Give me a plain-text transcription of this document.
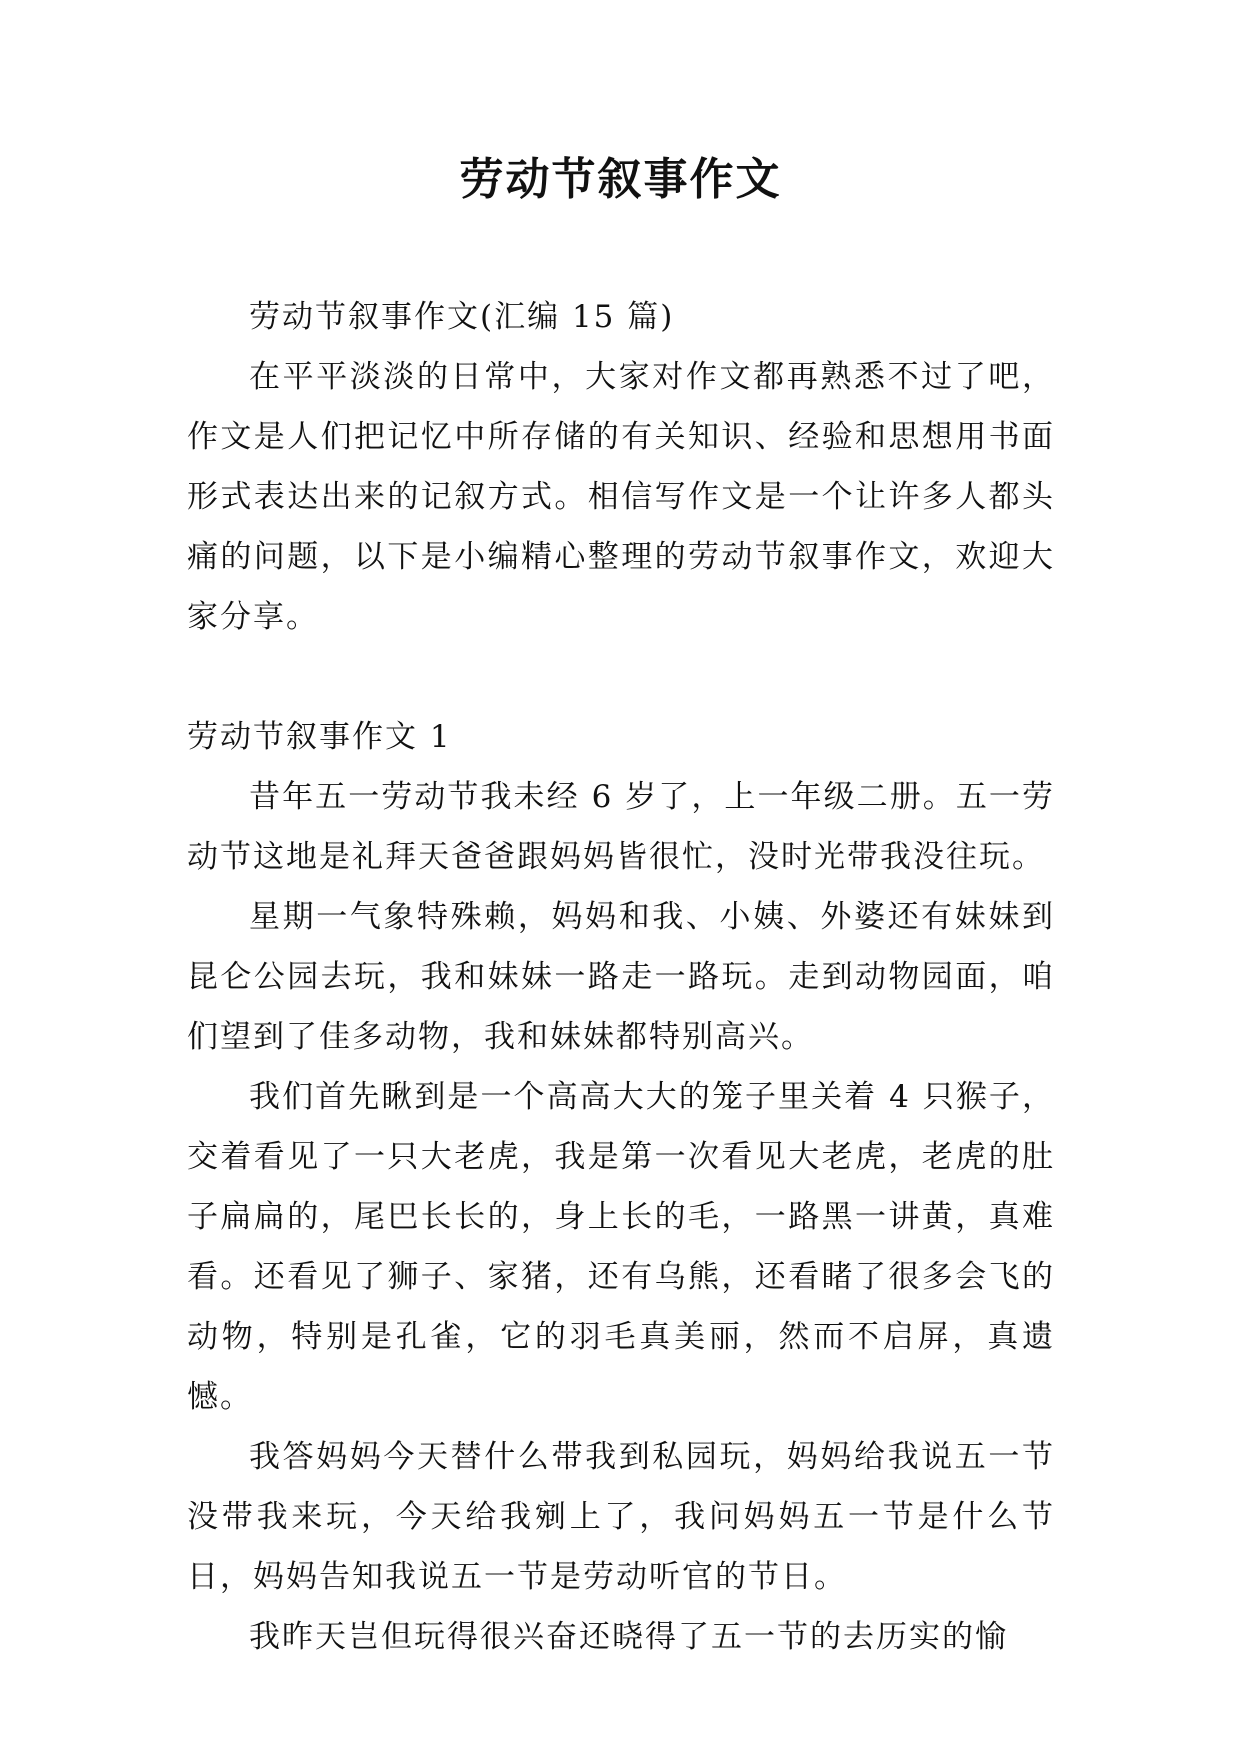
劳动节叙事作文

劳动节叙事作文(汇编 15 篇)

在平平淡淡的日常中，大家对作文都再熟悉不过了吧，作文是人们把记忆中所存储的有关知识、经验和思想用书面形式表达出来的记叙方式。相信写作文是一个让许多人都头痛的问题，以下是小编精心整理的劳动节叙事作文，欢迎大家分享。

劳动节叙事作文 1

昔年五一劳动节我未经 6 岁了，上一年级二册。五一劳动节这地是礼拜天爸爸跟妈妈皆很忙，没时光带我没往玩。

星期一气象特殊赖，妈妈和我、小姨、外婆还有妹妹到昆仑公园去玩，我和妹妹一路走一路玩。走到动物园面，咱们望到了佳多动物，我和妹妹都特别高兴。

我们首先瞅到是一个高高大大的笼子里关着 4 只猴子，交着看见了一只大老虎，我是第一次看见大老虎，老虎的肚子扁扁的，尾巴长长的，身上长的毛，一路黑一讲黄，真难看。还看见了狮子、家猪，还有乌熊，还看睹了很多会飞的动物，特别是孔雀，它的羽毛真美丽，然而不启屏，真遗憾。

我答妈妈今天替什么带我到私园玩，妈妈给我说五一节没带我来玩，今天给我剜上了，我问妈妈五一节是什么节日，妈妈告知我说五一节是劳动听官的节日。

我昨天岂但玩得很兴奋还晓得了五一节的去历实的愉
